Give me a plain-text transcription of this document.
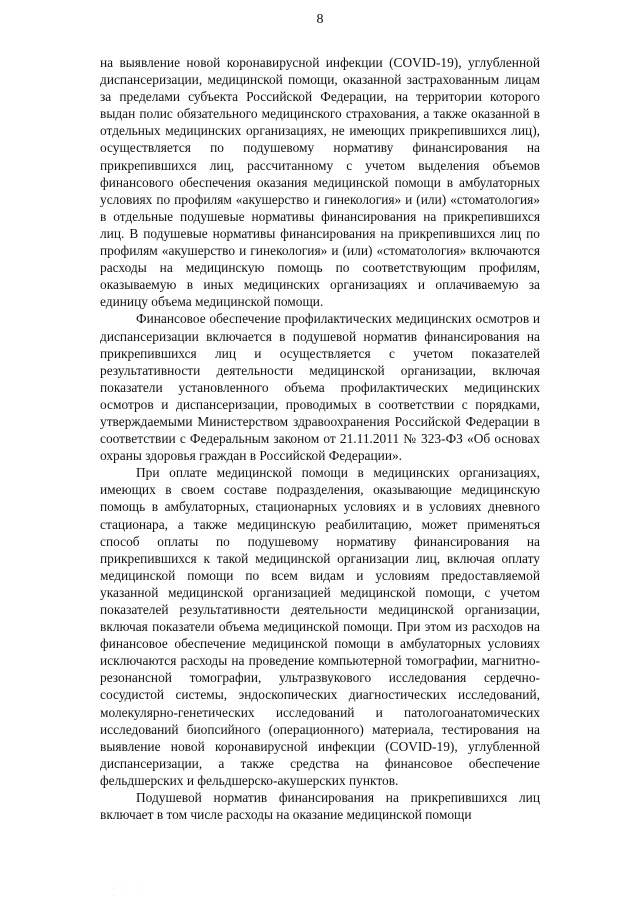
8

на выявление новой коронавирусной инфекции (COVID-19), углубленной диспансеризации, медицинской помощи, оказанной застрахованным лицам за пределами субъекта Российской Федерации, на территории которого выдан полис обязательного медицинского страхования, а также оказанной в отдельных медицинских организациях, не имеющих прикрепившихся лиц), осуществляется по подушевому нормативу финансирования на прикрепившихся лиц, рассчитанному с учетом выделения объемов финансового обеспечения оказания медицинской помощи в амбулаторных условиях по профилям «акушерство и гинекология» и (или) «стоматология» в отдельные подушевые нормативы финансирования на прикрепившихся лиц. В подушевые нормативы финансирования на прикрепившихся лиц по профилям «акушерство и гинекология» и (или) «стоматология» включаются расходы на медицинскую помощь по соответствующим профилям, оказываемую в иных медицинских организациях и оплачиваемую за единицу объема медицинской помощи.

Финансовое обеспечение профилактических медицинских осмотров и диспансеризации включается в подушевой норматив финансирования на прикрепившихся лиц и осуществляется с учетом показателей результативности деятельности медицинской организации, включая показатели установленного объема профилактических медицинских осмотров и диспансеризации, проводимых в соответствии с порядками, утверждаемыми Министерством здравоохранения Российской Федерации в соответствии с Федеральным законом от 21.11.2011 № 323-ФЗ «Об основах охраны здоровья граждан в Российской Федерации».

При оплате медицинской помощи в медицинских организациях, имеющих в своем составе подразделения, оказывающие медицинскую помощь в амбулаторных, стационарных условиях и в условиях дневного стационара, а также медицинскую реабилитацию, может применяться способ оплаты по подушевому нормативу финансирования на прикрепившихся к такой медицинской организации лиц, включая оплату медицинской помощи по всем видам и условиям предоставляемой указанной медицинской организацией медицинской помощи, с учетом показателей результативности деятельности медицинской организации, включая показатели объема медицинской помощи. При этом из расходов на финансовое обеспечение медицинской помощи в амбулаторных условиях исключаются расходы на проведение компьютерной томографии, магнитно-резонансной томографии, ультразвукового исследования сердечно-сосудистой системы, эндоскопических диагностических исследований, молекулярно-генетических исследований и патологоанатомических исследований биопсийного (операционного) материала, тестирования на выявление новой коронавирусной инфекции (COVID-19), углубленной диспансеризации, а также средства на финансовое обеспечение фельдшерских и фельдшерско-акушерских пунктов.

Подушевой норматив финансирования на прикрепившихся лиц включает в том числе расходы на оказание медицинской помощи

· · · ·
